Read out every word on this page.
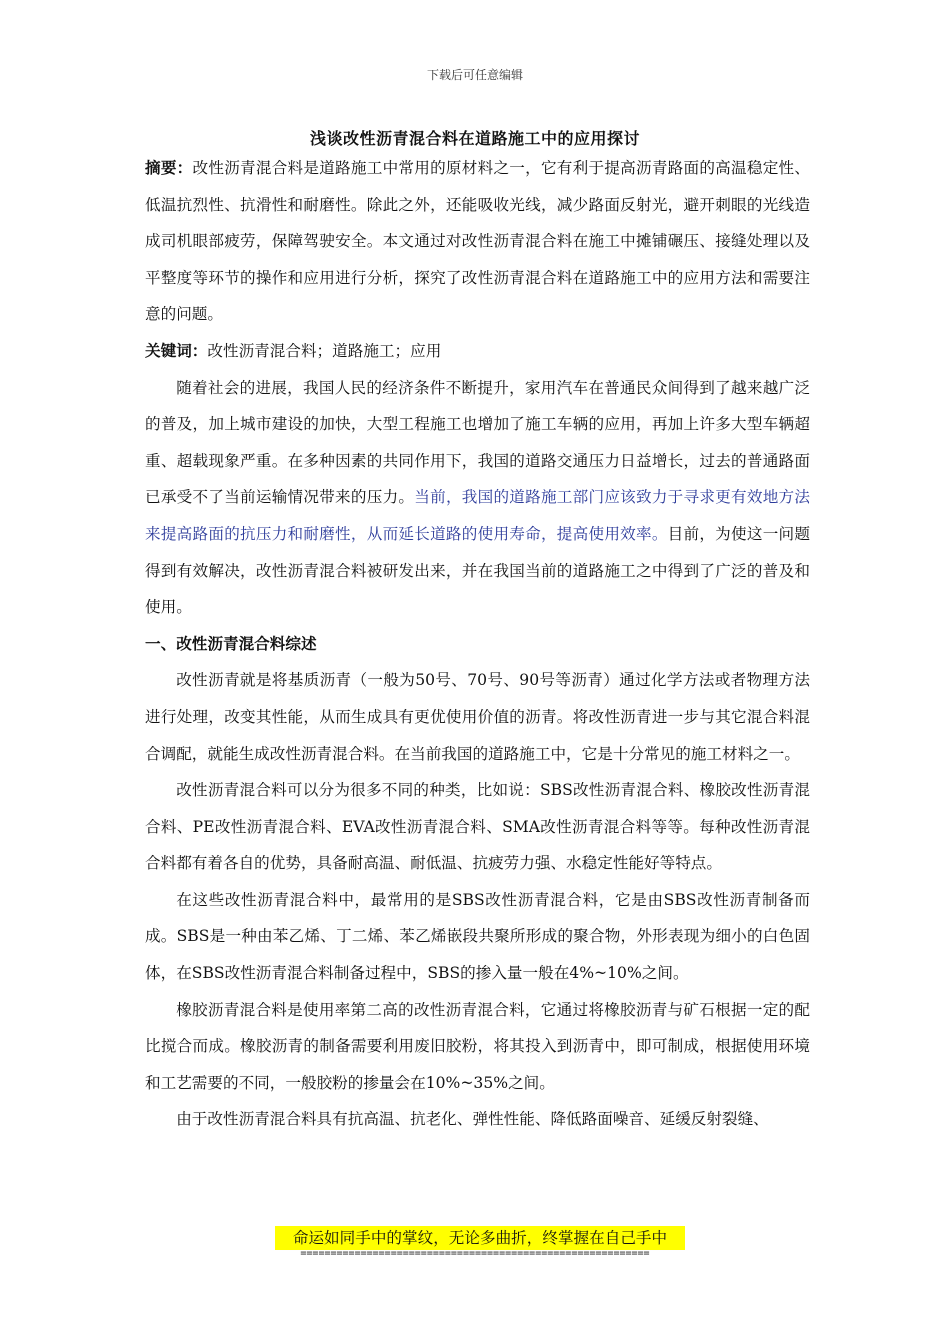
下载后可任意编辑
浅谈改性沥青混合料在道路施工中的应用探讨

摘要：改性沥青混合料是道路施工中常用的原材料之一，它有利于提高沥青路面的高温稳定性、低温抗烈性、抗滑性和耐磨性。除此之外，还能吸收光线，减少路面反射光，避开刺眼的光线造成司机眼部疲劳，保障驾驶安全。本文通过对改性沥青混合料在施工中摊铺碾压、接缝处理以及平整度等环节的操作和应用进行分析，探究了改性沥青混合料在道路施工中的应用方法和需要注意的问题。

关键词：改性沥青混合料；道路施工；应用

随着社会的进展，我国人民的经济条件不断提升，家用汽车在普通民众间得到了越来越广泛的普及，加上城市建设的加快，大型工程施工也增加了施工车辆的应用，再加上许多大型车辆超重、超载现象严重。在多种因素的共同作用下，我国的道路交通压力日益增长，过去的普通路面已承受不了当前运输情况带来的压力。当前，我国的道路施工部门应该致力于寻求更有效地方法来提高路面的抗压力和耐磨性，从而延长道路的使用寿命，提高使用效率。目前，为使这一问题得到有效解决，改性沥青混合料被研发出来，并在我国当前的道路施工之中得到了广泛的普及和使用。

一、改性沥青混合料综述

改性沥青就是将基质沥青（一般为50号、70号、90号等沥青）通过化学方法或者物理方法进行处理，改变其性能，从而生成具有更优使用价值的沥青。将改性沥青进一步与其它混合料混合调配，就能生成改性沥青混合料。在当前我国的道路施工中，它是十分常见的施工材料之一。

改性沥青混合料可以分为很多不同的种类，比如说：SBS改性沥青混合料、橡胶改性沥青混合料、PE改性沥青混合料、EVA改性沥青混合料、SMA改性沥青混合料等等。每种改性沥青混合料都有着各自的优势，具备耐高温、耐低温、抗疲劳力强、水稳定性能好等特点。

在这些改性沥青混合料中，最常用的是SBS改性沥青混合料，它是由SBS改性沥青制备而成。SBS是一种由苯乙烯、丁二烯、苯乙烯嵌段共聚所形成的聚合物，外形表现为细小的白色固体，在SBS改性沥青混合料制备过程中，SBS的掺入量一般在4%~10%之间。

橡胶沥青混合料是使用率第二高的改性沥青混合料，它通过将橡胶沥青与矿石根据一定的配比搅合而成。橡胶沥青的制备需要利用废旧胶粉，将其投入到沥青中，即可制成，根据使用环境和工艺需要的不同，一般胶粉的掺量会在10%~35%之间。

由于改性沥青混合料具有抗高温、抗老化、弹性性能、降低路面噪音、延缓反射裂缝、

命运如同手中的掌纹，无论多曲折，终掌握在自己手中
==========================================================
